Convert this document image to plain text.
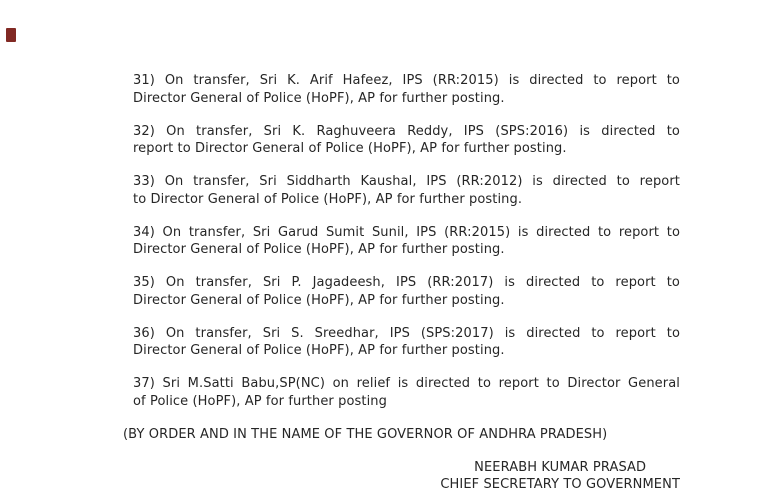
31) On transfer, Sri K. Arif Hafeez, IPS (RR:2015) is directed to report to
Director General of Police (HoPF), AP for further posting.
32) On transfer, Sri K. Raghuveera Reddy, IPS (SPS:2016) is directed to
report to Director General of Police (HoPF), AP for further posting.
33) On transfer, Sri Siddharth Kaushal, IPS (RR:2012) is directed to report
to Director General of Police (HoPF), AP for further posting.
34) On transfer, Sri Garud Sumit Sunil, IPS (RR:2015) is directed to report to
Director General of Police (HoPF), AP for further posting.
35) On transfer, Sri P. Jagadeesh, IPS (RR:2017) is directed to report to
Director General of Police (HoPF), AP for further posting.
36) On transfer, Sri S. Sreedhar, IPS (SPS:2017) is directed to report to
Director General of Police (HoPF), AP for further posting.
37) Sri M.Satti Babu,SP(NC) on relief is directed to report to Director General
of Police (HoPF), AP for further posting
(BY ORDER AND IN THE NAME OF THE GOVERNOR OF ANDHRA PRADESH)
NEERABH KUMAR PRASAD
CHIEF SECRETARY TO GOVERNMENT
